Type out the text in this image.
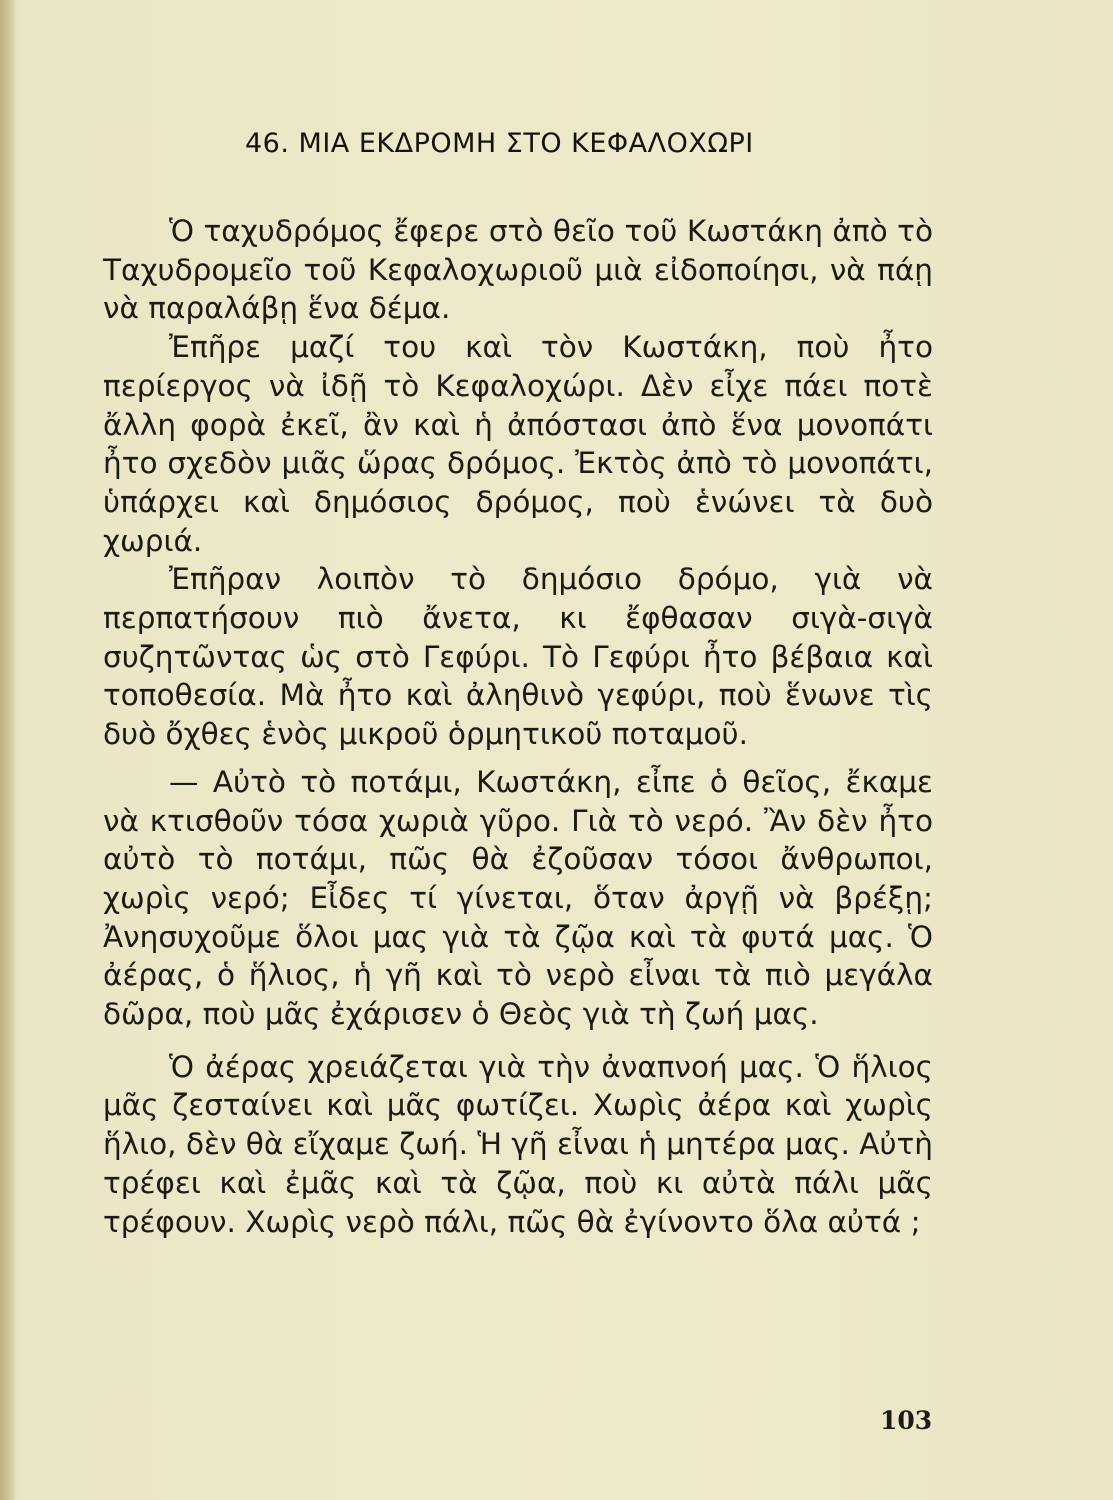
46. ΜΙΑ ΕΚΔΡΟΜΗ ΣΤΟ ΚΕΦΑΛΟΧΩΡΙ

Ὁ ταχυδρόμος ἔφερε στὸ θεῖο τοῦ Κωστάκη ἀπὸ τὸ Ταχυδρομεῖο τοῦ Κεφαλοχωριοῦ μιὰ εἰδοποίησι, νὰ πάῃ νὰ παραλάβῃ ἕνα δέμα.

Ἐπῆρε μαζί του καὶ τὸν Κωστάκη, ποὺ ἦτο περίεργος νὰ ἰδῇ τὸ Κεφαλοχώρι. Δὲν εἶχε πάει ποτὲ ἄλλη φορὰ ἐκεῖ, ἂν καὶ ἡ ἀπόστασι ἀπὸ ἕνα μονοπάτι ἦτο σχεδὸν μιᾶς ὥρας δρόμος. Ἐκτὸς ἀπὸ τὸ μονοπάτι, ὑπάρχει καὶ δημόσιος δρόμος, ποὺ ἑνώνει τὰ δυὸ χωριά.

Ἐπῆραν λοιπὸν τὸ δημόσιο δρόμο, γιὰ νὰ περπατήσουν πιὸ ἄνετα, κι ἔφθασαν σιγὰ-σιγὰ συζητῶντας ὡς στὸ Γεφύρι. Τὸ Γεφύρι ἦτο βέβαια καὶ τοποθεσία. Μὰ ἦτο καὶ ἀληθινὸ γεφύρι, ποὺ ἕνωνε τὶς δυὸ ὄχθες ἑνὸς μικροῦ ὁρμητικοῦ ποταμοῦ.

— Αὐτὸ τὸ ποτάμι, Κωστάκη, εἶπε ὁ θεῖος, ἔκαμε νὰ κτισθοῦν τόσα χωριὰ γῦρο. Γιὰ τὸ νερό. Ἂν δὲν ἦτο αὐτὸ τὸ ποτάμι, πῶς θὰ ἐζοῦσαν τόσοι ἄνθρωποι, χωρὶς νερό; Εἶδες τί γίνεται, ὅταν ἀργῇ νὰ βρέξῃ; Ἀνησυχοῦμε ὅλοι μας γιὰ τὰ ζῷα καὶ τὰ φυτά μας. Ὁ ἀέρας, ὁ ἥλιος, ἡ γῆ καὶ τὸ νερὸ εἶναι τὰ πιὸ μεγάλα δῶρα, ποὺ μᾶς ἐχάρισεν ὁ Θεὸς γιὰ τὴ ζωή μας.

Ὁ ἀέρας χρειάζεται γιὰ τὴν ἀναπνοή μας. Ὁ ἥλιος μᾶς ζεσταίνει καὶ μᾶς φωτίζει. Χωρὶς ἀέρα καὶ χωρὶς ἥλιο, δὲν θὰ εἴχαμε ζωή. Ἡ γῆ εἶναι ἡ μητέρα μας. Αὐτὴ τρέφει καὶ ἐμᾶς καὶ τὰ ζῷα, ποὺ κι αὐτὰ πάλι μᾶς τρέφουν. Χωρὶς νερὸ πάλι, πῶς θὰ ἐγίνοντο ὅλα αὐτά ;

103
